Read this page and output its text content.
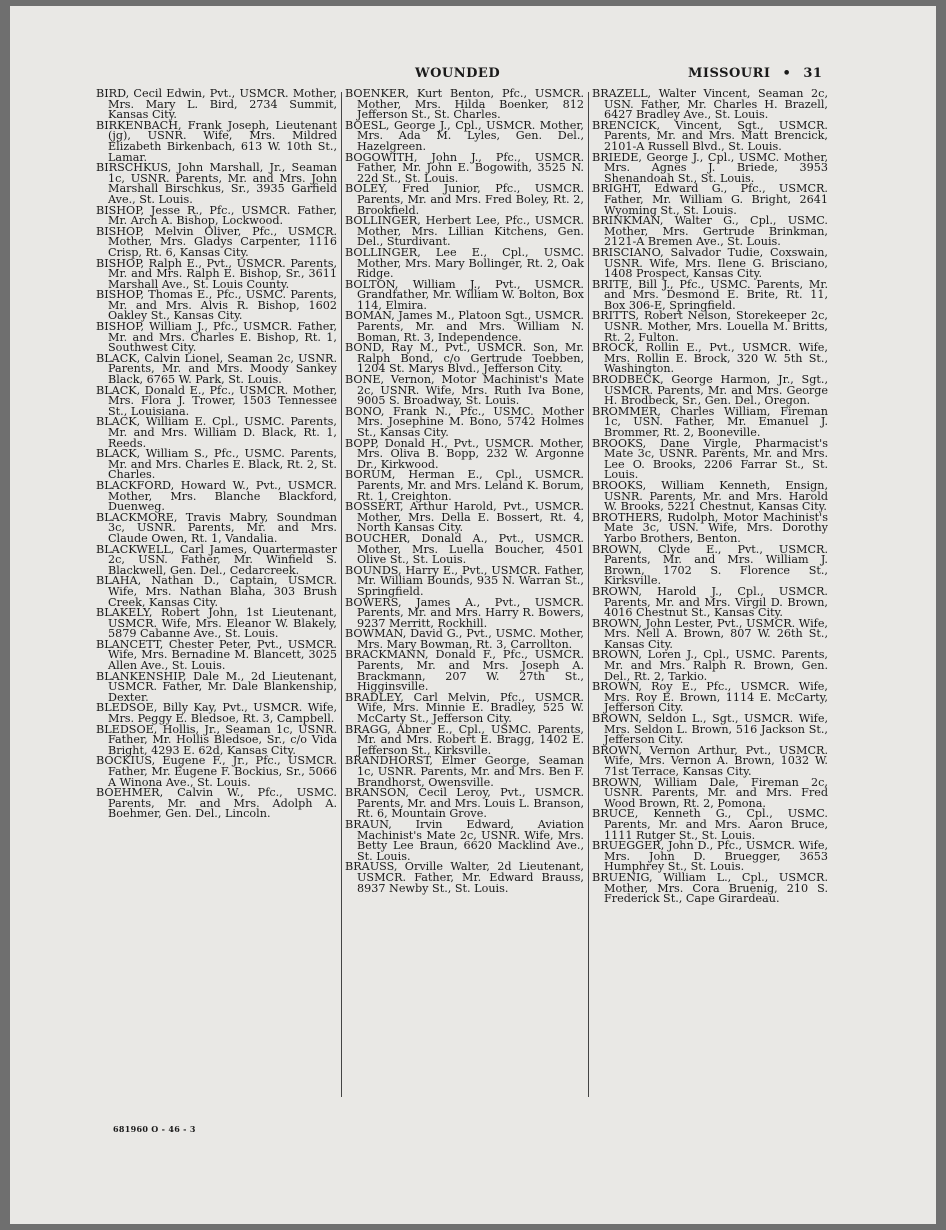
WOUNDED	MISSOURI • 31

BIRD, Cecil Edwin, Pvt., USMCR. Mother, Mrs. Mary L. Bird, 2734 Summit, Kansas City.

BIRKENBACH, Frank Joseph, Lieutenant (jg), USNR. Wife, Mrs. Mildred Elizabeth Birkenbach, 613 W. 10th St., Lamar.

BIRSCHKUS, John Marshall, Jr., Seaman 1c, USNR. Parents, Mr. and Mrs. John Marshall Birschkus, Sr., 3935 Garfield Ave., St. Louis.

BISHOP, Jesse R., Pfc., USMCR. Father, Mr. Arch A. Bishop, Lockwood.

BISHOP, Melvin Oliver, Pfc., USMCR. Mother, Mrs. Gladys Carpenter, 1116 Crisp, Rt. 6, Kansas City.

BISHOP, Ralph E., Pvt., USMCR. Parents, Mr. and Mrs. Ralph E. Bishop, Sr., 3611 Marshall Ave., St. Louis County.

BISHOP, Thomas E., Pfc., USMC. Parents, Mr. and Mrs. Alvis R. Bishop, 1602 Oakley St., Kansas City.

BISHOP, William J., Pfc., USMCR. Father, Mr. and Mrs. Charles E. Bishop, Rt. 1, Southwest City.

BLACK, Calvin Lionel, Seaman 2c, USNR. Parents, Mr. and Mrs. Moody Sankey Black, 6765 W. Park, St. Louis.

BLACK, Donald E., Pfc., USMCR. Mother, Mrs. Flora J. Trower, 1503 Tennessee St., Louisiana.

BLACK, William E. Cpl., USMC. Parents, Mr. and Mrs. William D. Black, Rt. 1, Reeds.

BLACK, William S., Pfc., USMC. Parents, Mr. and Mrs. Charles E. Black, Rt. 2, St. Charles.

BLACKFORD, Howard W., Pvt., USMCR. Mother, Mrs. Blanche Blackford, Duenweg.

BLACKMORE, Travis Mabry, Soundman 3c, USNR. Parents, Mr. and Mrs. Claude Owen, Rt. 1, Vandalia.

BLACKWELL, Carl James, Quartermaster 2c, USN. Father, Mr. Winfield S. Blackwell, Gen. Del., Cedarcreek.

BLAHA, Nathan D., Captain, USMCR. Wife, Mrs. Nathan Blaha, 303 Brush Creek, Kansas City.

BLAKELY, Robert John, 1st Lieutenant, USMCR. Wife, Mrs. Eleanor W. Blakely, 5879 Cabanne Ave., St. Louis.

BLANCETT, Chester Peter, Pvt., USMCR. Wife, Mrs. Bernadine M. Blancett, 3025 Allen Ave., St. Louis.

BLANKENSHIP, Dale M., 2d Lieutenant, USMCR. Father, Mr. Dale Blankenship, Dexter.

BLEDSOE, Billy Kay, Pvt., USMCR. Wife, Mrs. Peggy E. Bledsoe, Rt. 3, Campbell.

BLEDSOE, Hollis, Jr., Seaman 1c, USNR. Father, Mr. Hollis Bledsoe, Sr., c/o Vida Bright, 4293 E. 62d, Kansas City.

BOCKIUS, Eugene F., Jr., Pfc., USMCR. Father, Mr. Eugene F. Bockius, Sr., 5066 A Winona Ave., St. Louis.

BOEHMER, Calvin W., Pfc., USMC. Parents, Mr. and Mrs. Adolph A. Boehmer, Gen. Del., Lincoln.

BOENKER, Kurt Benton, Pfc., USMCR. Mother, Mrs. Hilda Boenker, 812 Jefferson St., St. Charles.

BOESL, George J., Cpl., USMCR. Mother, Mrs. Ada M. Lyles, Gen. Del., Hazelgreen.

BOGOWITH, John J., Pfc., USMCR. Father, Mr. John E. Bogowith, 3525 N. 22d St., St. Louis.

BOLEY, Fred Junior, Pfc., USMCR. Parents, Mr. and Mrs. Fred Boley, Rt. 2, Brookfield.

BOLLINGER, Herbert Lee, Pfc., USMCR. Mother, Mrs. Lillian Kitchens, Gen. Del., Sturdivant.

BOLLINGER, Lee E., Cpl., USMC. Mother, Mrs. Mary Bollinger, Rt. 2, Oak Ridge.

BOLTON, William J., Pvt., USMCR. Grandfather, Mr. William W. Bolton, Box 114, Elmira.

BOMAN, James M., Platoon Sgt., USMCR. Parents, Mr. and Mrs. William N. Boman, Rt. 3, Independence.

BOND, Ray M., Pvt., USMCR. Son, Mr. Ralph Bond, c/o Gertrude Toebben, 1204 St. Marys Blvd., Jefferson City.

BONE, Vernon, Motor Machinist's Mate 2c, USNR. Wife, Mrs. Ruth Iva Bone, 9005 S. Broadway, St. Louis.

BONO, Frank N., Pfc., USMC. Mother Mrs. Josephine M. Bono, 5742 Holmes St., Kansas City.

BOPP, Donald H., Pvt., USMCR. Mother, Mrs. Oliva B. Bopp, 232 W. Argonne Dr., Kirkwood.

BORUM, Herman E., Cpl., USMCR. Parents, Mr. and Mrs. Leland K. Borum, Rt. 1, Creighton.

BOSSERT, Arthur Harold, Pvt., USMCR. Mother, Mrs. Della E. Bossert, Rt. 4, North Kansas City.

BOUCHER, Donald A., Pvt., USMCR. Mother, Mrs. Luella Boucher, 4501 Olive St., St. Louis.

BOUNDS, Harry E., Pvt., USMCR. Father, Mr. William Bounds, 935 N. Warran St., Springfield.

BOWERS, James A., Pvt., USMCR. Parents, Mr. and Mrs. Harry R. Bowers, 9237 Merritt, Rockhill.

BOWMAN, David G., Pvt., USMC. Mother, Mrs. Mary Bowman, Rt. 3, Carrollton.

BRACKMANN, Donald F., Pfc., USMCR. Parents, Mr. and Mrs. Joseph A. Brackmann, 207 W. 27th St., Higginsville.

BRADLEY, Carl Melvin, Pfc., USMCR. Wife, Mrs. Minnie E. Bradley, 525 W. McCarty St., Jefferson City.

BRAGG, Abner E., Cpl., USMC. Parents, Mr. and Mrs. Robert E. Bragg, 1402 E. Jefferson St., Kirksville.

BRANDHORST, Elmer George, Seaman 1c, USNR. Parents, Mr. and Mrs. Ben F. Brandhorst, Owensville.

BRANSON, Cecil Leroy, Pvt., USMCR. Parents, Mr. and Mrs. Louis L. Branson, Rt. 6, Mountain Grove.

BRAUN, Irvin Edward, Aviation Machinist's Mate 2c, USNR. Wife, Mrs. Betty Lee Braun, 6620 Macklind Ave., St. Louis.

BRAUSS, Orville Walter, 2d Lieutenant, USMCR. Father, Mr. Edward Brauss, 8937 Newby St., St. Louis.

BRAZELL, Walter Vincent, Seaman 2c, USN. Father, Mr. Charles H. Brazell, 6427 Bradley Ave., St. Louis.

BRENCICK, Vincent, Sgt., USMCR. Parents, Mr. and Mrs. Matt Brencick, 2101-A Russell Blvd., St. Louis.

BRIEDE, George J., Cpl., USMC. Mother, Mrs. Agnes J. Briede, 3953 Shenandoah St., St. Louis.

BRIGHT, Edward G., Pfc., USMCR. Father, Mr. William G. Bright, 2641 Wyoming St., St. Louis.

BRINKMAN, Walter G., Cpl., USMC. Mother, Mrs. Gertrude Brinkman, 2121-A Bremen Ave., St. Louis.

BRISCIANO, Salvador Tudie, Coxswain, USNR. Wife, Mrs. Ilene G. Brisciano, 1408 Prospect, Kansas City.

BRITE, Bill J., Pfc., USMC. Parents, Mr. and Mrs. Desmond E. Brite, Rt. 11, Box 306-E, Springfield.

BRITTS, Robert Nelson, Storekeeper 2c, USNR. Mother, Mrs. Louella M. Britts, Rt. 2, Fulton.

BROCK, Rollin E., Pvt., USMCR. Wife, Mrs. Rollin E. Brock, 320 W. 5th St., Washington.

BRODBECK, George Harmon, Jr., Sgt., USMCR. Parents, Mr. and Mrs. George H. Brodbeck, Sr., Gen. Del., Oregon.

BROMMER, Charles William, Fireman 1c, USN. Father, Mr. Emanuel J. Brommer, Rt. 2, Booneville.

BROOKS, Dane Virgle, Pharmacist's Mate 3c, USNR. Parents, Mr. and Mrs. Lee O. Brooks, 2206 Farrar St., St. Louis.

BROOKS, William Kenneth, Ensign, USNR. Parents, Mr. and Mrs. Harold W. Brooks, 5221 Chestnut, Kansas City.

BROTHERS, Rudolph, Motor Machinist's Mate 3c, USN. Wife, Mrs. Dorothy Yarbo Brothers, Benton.

BROWN, Clyde E., Pvt., USMCR. Parents, Mr. and Mrs. William J. Brown, 1702 S. Florence St., Kirksville.

BROWN, Harold J., Cpl., USMCR. Parents, Mr. and Mrs. Virgil D. Brown, 4016 Chestnut St., Kansas City.

BROWN, John Lester, Pvt., USMCR. Wife, Mrs. Nell A. Brown, 807 W. 26th St., Kansas City.

BROWN, Loren J., Cpl., USMC. Parents, Mr. and Mrs. Ralph R. Brown, Gen. Del., Rt. 2, Tarkio.

BROWN, Roy E., Pfc., USMCR. Wife, Mrs. Roy E. Brown, 1114 E. McCarty, Jefferson City.

BROWN, Seldon L., Sgt., USMCR. Wife, Mrs. Seldon L. Brown, 516 Jackson St., Jefferson City.

BROWN, Vernon Arthur, Pvt., USMCR. Wife, Mrs. Vernon A. Brown, 1032 W. 71st Terrace, Kansas City.

BROWN, William Dale, Fireman 2c, USNR. Parents, Mr. and Mrs. Fred Wood Brown, Rt. 2, Pomona.

BRUCE, Kenneth G., Cpl., USMC. Parents, Mr. and Mrs. Aaron Bruce, 1111 Rutger St., St. Louis.

BRUEGGER, John D., Pfc., USMCR. Wife, Mrs. John D. Bruegger, 3653 Humphrey St., St. Louis.

BRUENIG, William L., Cpl., USMCR. Mother, Mrs. Cora Bruenig, 210 S. Frederick St., Cape Girardeau.

681960 O - 46 - 3
